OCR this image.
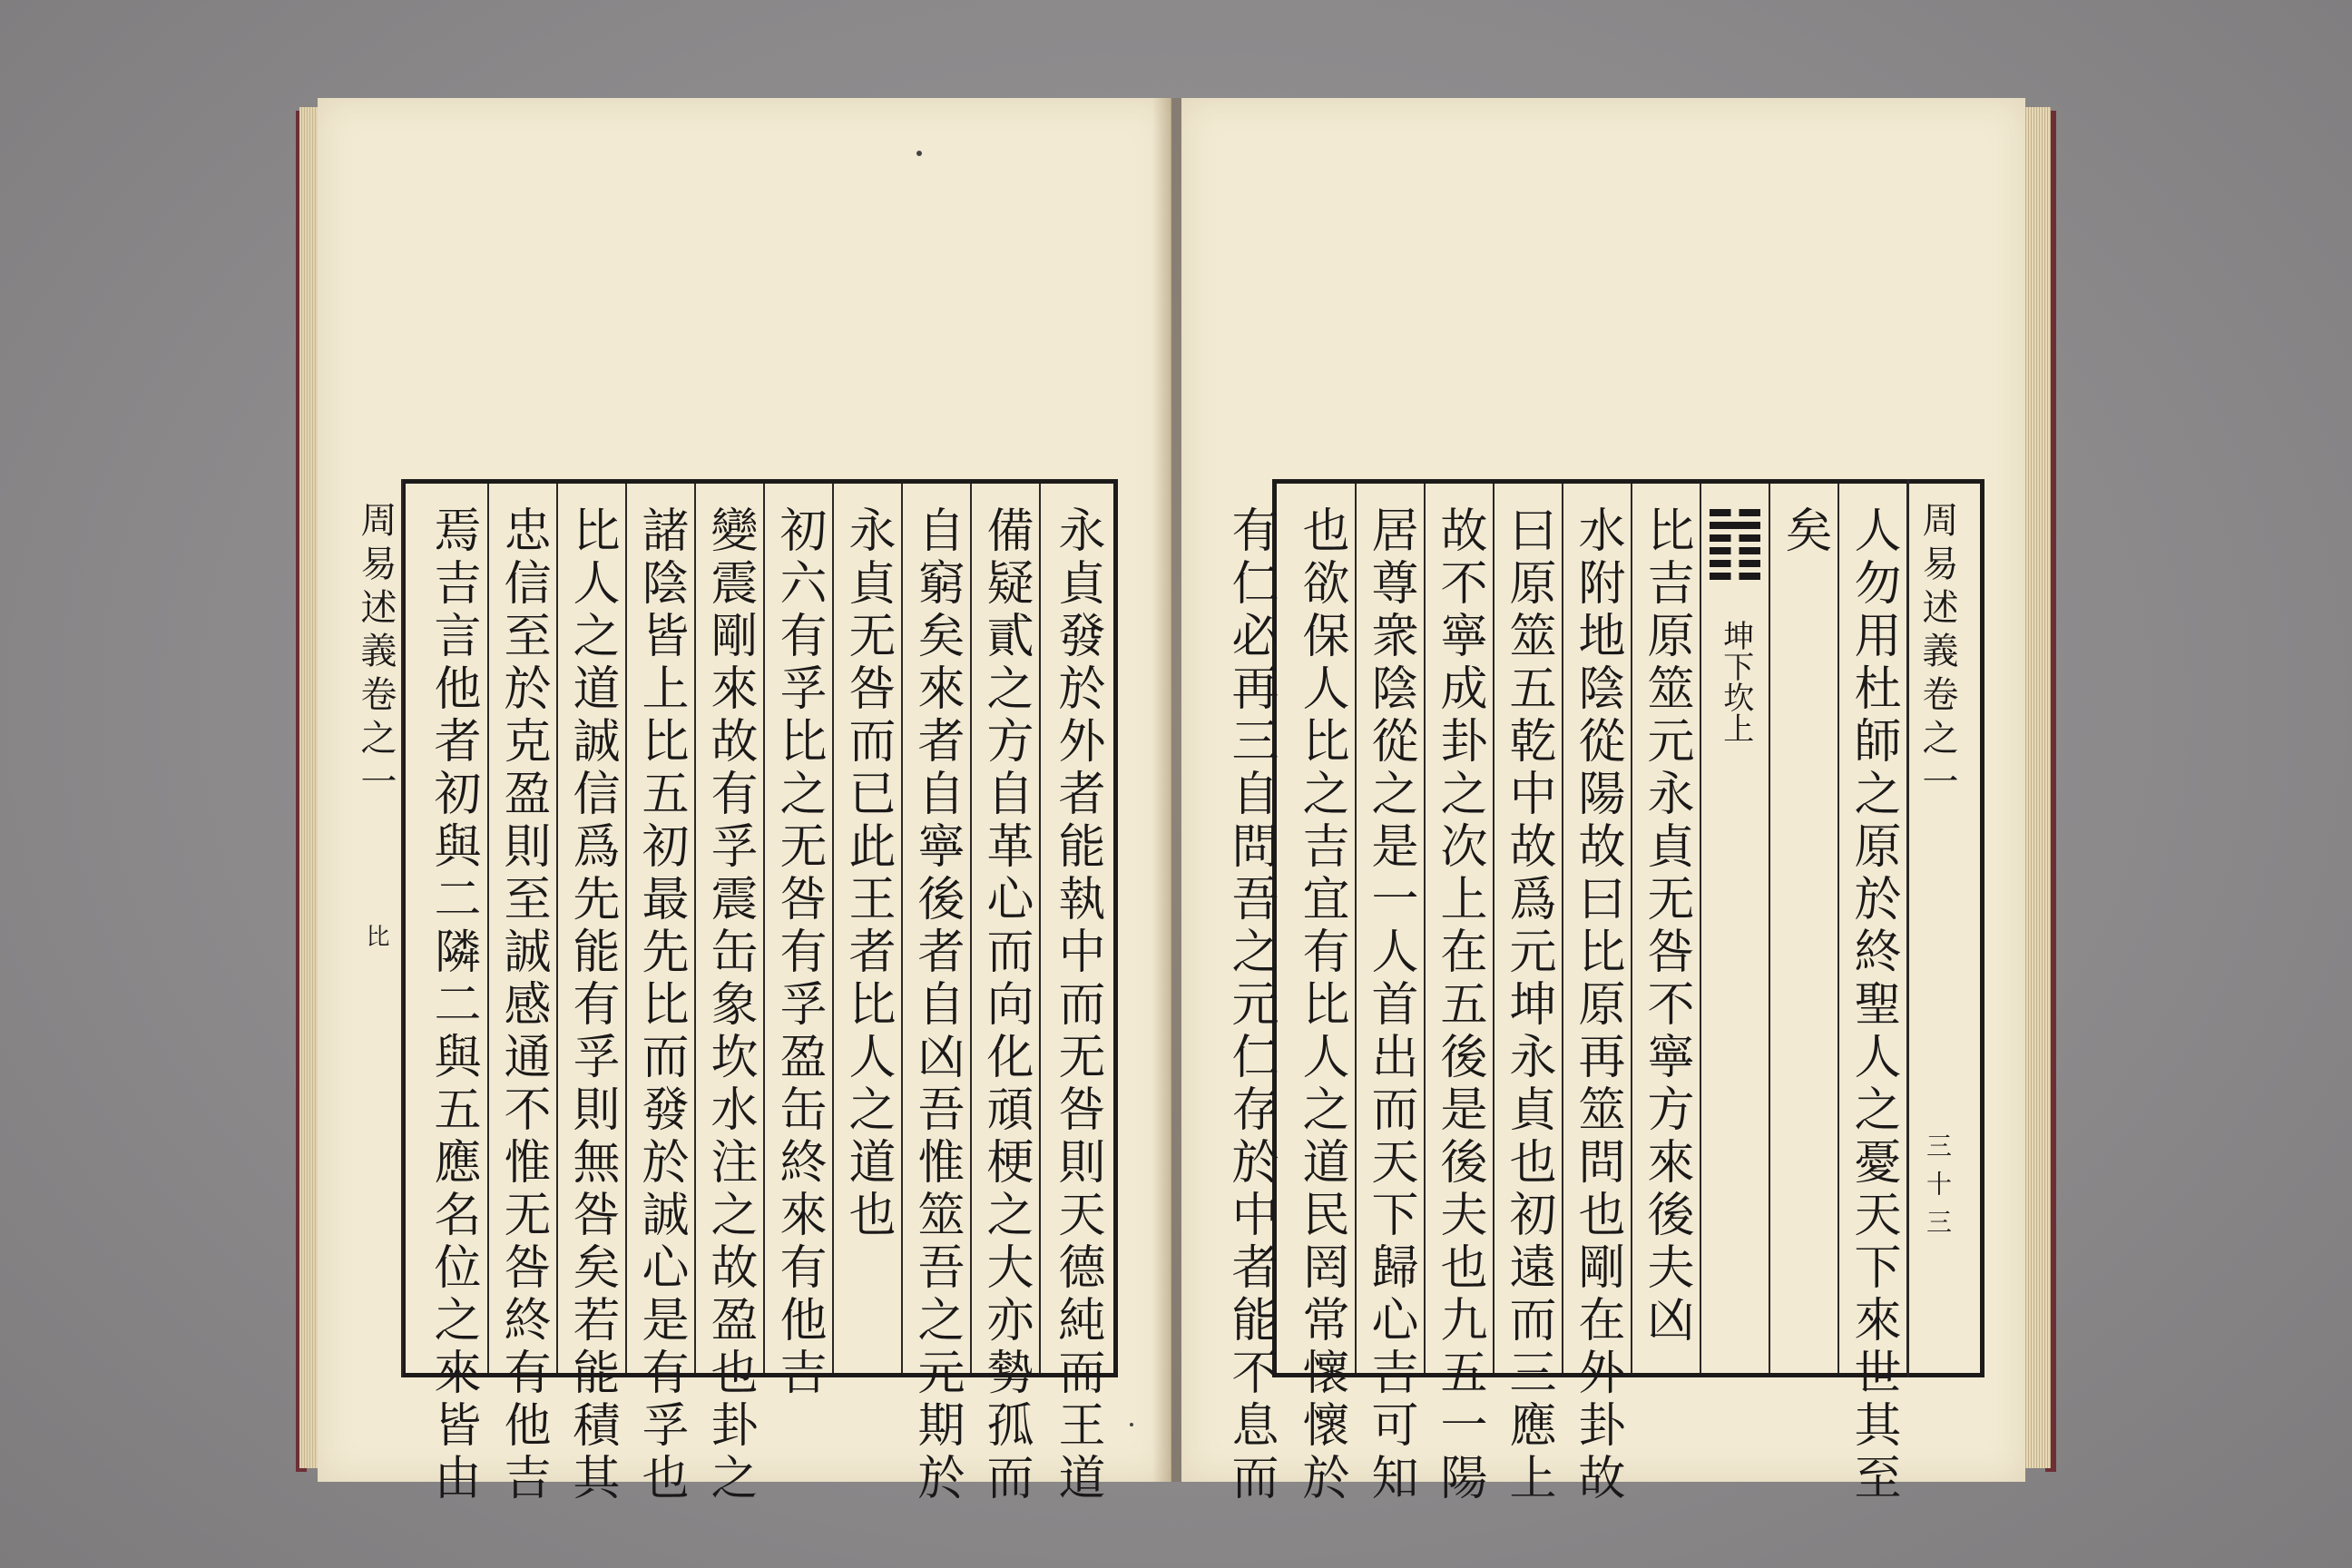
永貞發於外者能執中而无咎則天德純而王道
備疑貳之方自革心而向化頑梗之大亦勢孤而
自窮矣來者自寧後者自凶吾惟筮吾之元期於
永貞无咎而已此王者比人之道也
初六有孚比之无咎有孚盈缶終來有他吉
變震剛來故有孚震缶象坎水注之故盈也卦之
諸陰皆上比五初最先比而發於誠心是有孚也
比人之道誠信爲先能有孚則無咎矣若能積其
忠信至於克盈則至誠感通不惟无咎終有他吉
焉吉言他者初與二隣二與五應名位之來皆由
周易述義卷之一
比	人勿用杜師之原於終聖人之憂天下來世其至
矣
坤下坎上
比吉原筮元永貞无咎不寧方來後夫凶
水附地陰從陽故曰比原再筮問也剛在外卦故
曰原筮五乾中故爲元坤永貞也初遠而三應上
故不寧成卦之次上在五後是後夫也九五一陽
居尊衆陰從之是一人首出而天下歸心吉可知
也欲保人比之吉宜有比人之道民罔常懷懷於
有仁必再三自問吾之元仁存於中者能不息而	周易述義卷之一
三十三
